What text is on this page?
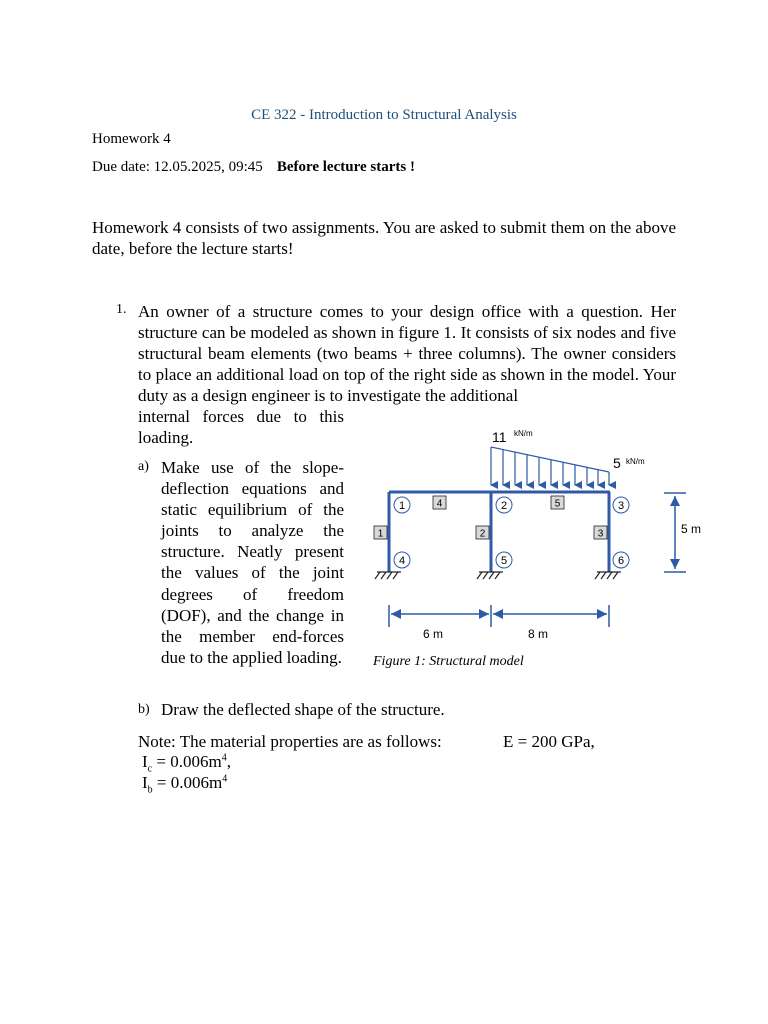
CE 322 - Introduction to Structural Analysis
Homework 4
Due date: 12.05.2025, 09:45 Before lecture starts !
Homework 4 consists of two assignments. You are asked to submit them on the above date, before the lecture starts!
1. An owner of a structure comes to your design office with a question. Her structure can be modeled as shown in figure 1. It consists of six nodes and five structural beam elements (two beams + three columns). The owner considers to place an additional load on top of the right side as shown in the model. Your duty as a design engineer is to investigate the additional
internal forces due to this
loading.
a) Make use of the slope-deflection equations and static equilibrium of the joints to analyze the structure. Neatly present the values of the joint degrees of freedom (DOF), and the change in the member end-forces due to the applied loading.
b) Draw the deflected shape of the structure.
Note: The material properties are as follows:	E = 200 GPa,
$I_c = 0.006m^4$,
$I_b = 0.006m^4$
11 kN/m
5 kN/m
1	2	3
4	5	6
1	2	3
4	5
5 m
6 m	8 m
Figure 1: Structural model
